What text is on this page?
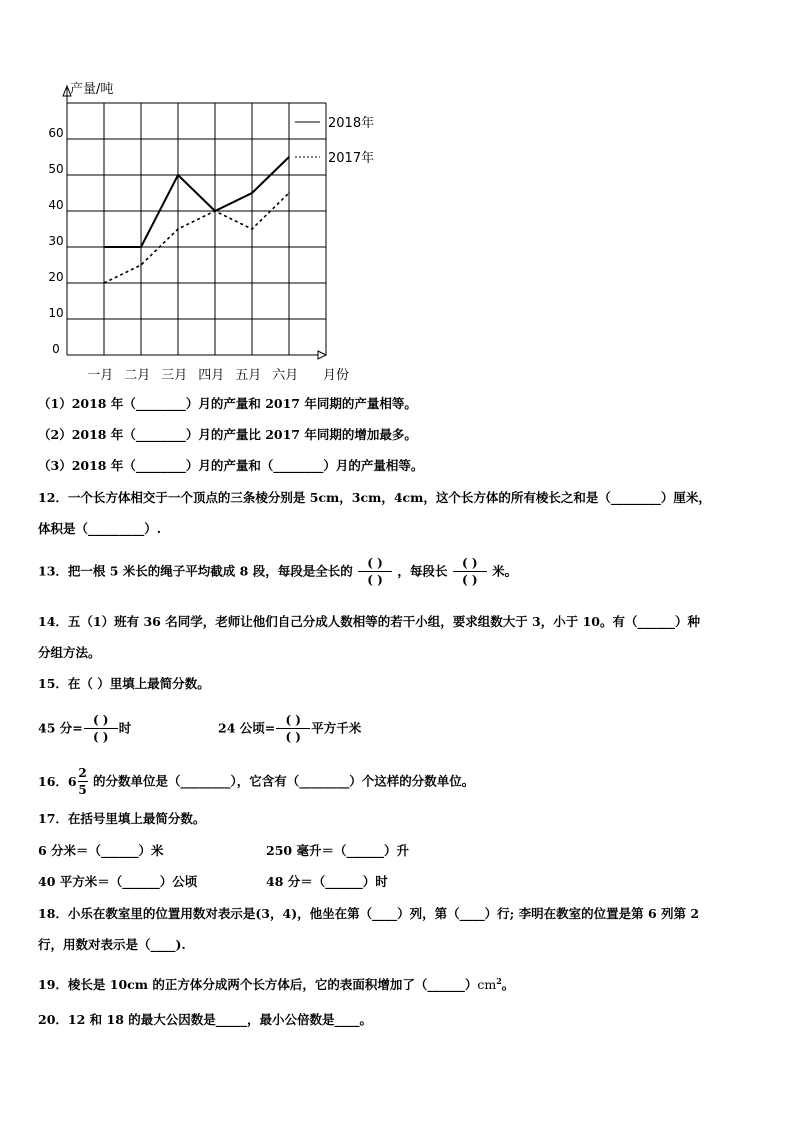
产量/吨
月份
0
10
20
30
40
50
60
一月 二月 三月 四月 五月 六月
2018年
2017年
（1）2018 年（________）月的产量和 2017 年同期的产量相等。
（2）2018 年（________）月的产量比 2017 年同期的增加最多。
（3）2018 年（________）月的产量和（________）月的产量相等。
12．一个长方体相交于一个顶点的三条棱分别是 5cm，3cm，4cm，这个长方体的所有棱长之和是（________）厘米，
体积是（_________）.
13．把一根 5 米长的绳子平均截成 8 段，每段是全长的 $\frac{( )}{( )}$ ，每段长 $\frac{( )}{( )}$ 米。
14．五（1）班有 36 名同学，老师让他们自己分成人数相等的若干小组，要求组数大于 3，小于 10。有（______）种
分组方法。
15．在（ ）里填上最简分数。
45 分= $\frac{( )}{( )}$ 时	24 公顷= $\frac{( )}{( )}$ 平方千米
16．$6 \frac{2}{5}$ 的分数单位是（________），它含有（________）个这样的分数单位。
17．在括号里填上最简分数。
6 分米＝（______）米	250 毫升＝（______）升
40 平方米＝（______）公顷	48 分＝（______）时
18．小乐在教室里的位置用数对表示是(3，4)，他坐在第（____）列，第（____）行; 李明在教室的位置是第 6 列第 2
行，用数对表示是（____).
19．棱长是 10cm 的正方体分成两个长方体后，它的表面积增加了$(\_\_\_\_\_\_)cm^2$。
20．12 和 18 的最大公因数是_____，最小公倍数是____。
